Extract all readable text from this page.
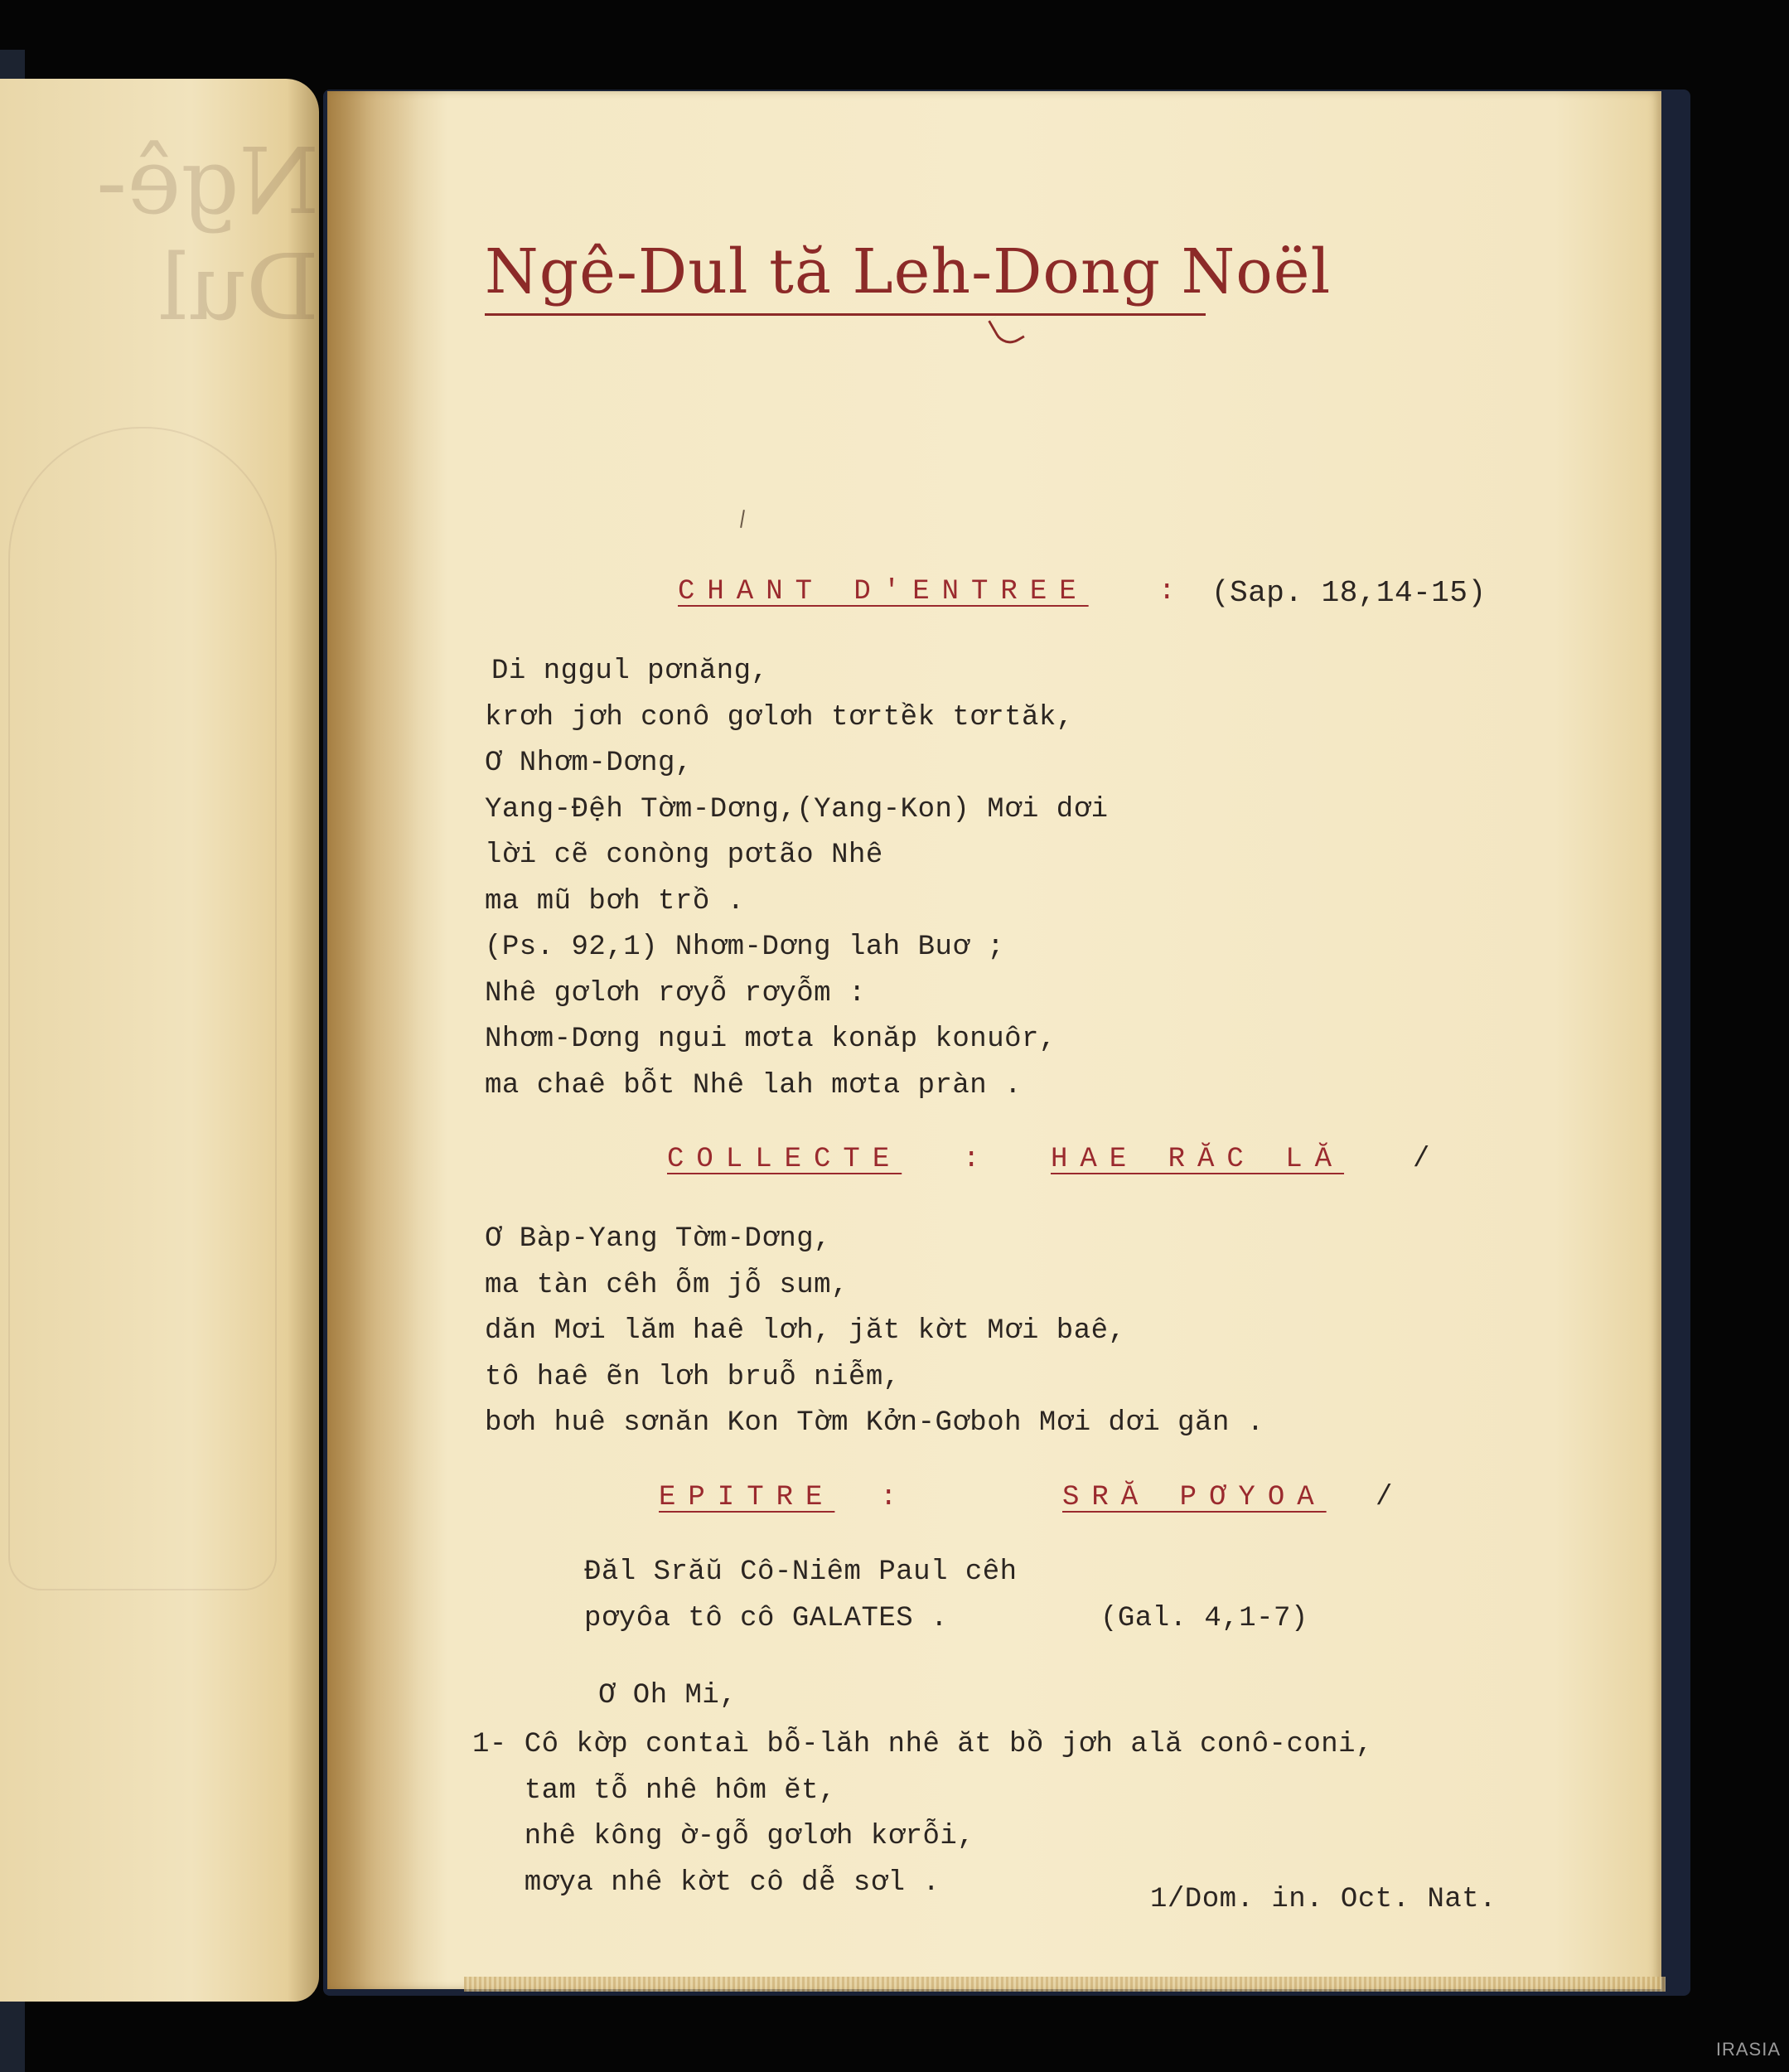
Ngê-Dul	Ngê-Dul tă Leh-Dong Noël
CHANT D'ENTREE : (Sap. 18,14-15)
Di nggul pơnăng,
krơh jơh conô gơlơh tơrtềk tơrtăk,
Ơ Nhơm-Dơng,
Yang-Đệh Tờm-Dơng,(Yang-Kon) Mơi dơi
lời cẽ conòng pơtão Nhê
ma mũ bơh trồ .
(Ps. 92,1) Nhơm-Dơng lah Buơ ;
Nhê gơlơh rơyỗ rơyỗm :
Nhơm-Dơng ngui mơta konăp konuôr,
ma chaê bỗt Nhê lah mơta pràn .
COLLECTE :	HAE RĂC LĂ /
Ơ Bàp-Yang Tờm-Dơng,
ma tàn cêh ỗm jỗ sum,
dăn Mơi lăm haê lơh, jăt kờt Mơi baê,
tô haê ẽn lơh bruỗ niễm,
bơh huê sơnăn Kon Tờm Kởn-Gơboh Mơi dơi găn .
EPITRE :	SRĂ PƠYOA /
Đăl Srăŭ Cô-Niêm Paul cêh
pơyôa tô cô GALATES .	(Gal. 4,1-7)
Ơ Oh Mi,
1- Cô kờp contaì bỗ-lăh nhê ăt bồ jơh ală conô-coni,
tam tỗ nhê hôm ĕt,
nhê kông ờ-gỗ gơlơh kơrỗi,
mơya nhê kờt cô dễ sơl .
1/Dom. in. Oct. Nat.
IRASIA
